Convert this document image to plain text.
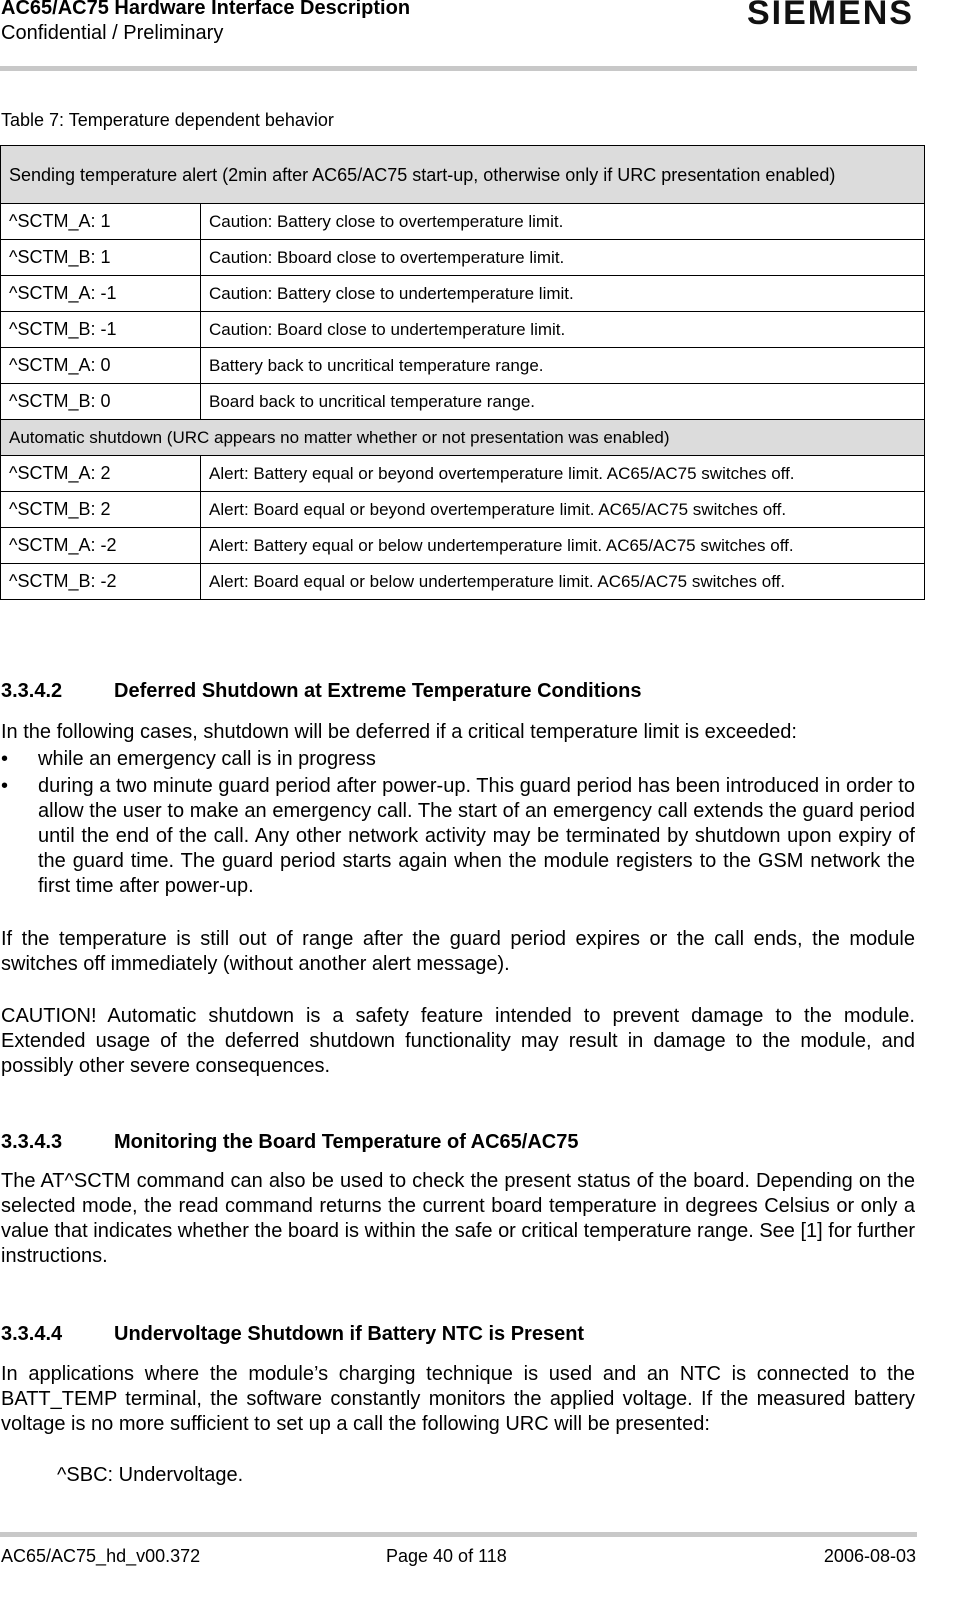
AC65/AC75 Hardware Interface Description
Confidential / Preliminary
SIEMENS
Table 7: Temperature dependent behavior
Sending temperature alert (2min after AC65/AC75 start-up, otherwise only if URC presentation enabled)	
^SCTM_A: 1	Caution: Battery close to overtemperature limit.
^SCTM_B: 1	Caution: Bboard close to overtemperature limit.
^SCTM_A: -1	Caution: Battery close to undertemperature limit.
^SCTM_B: -1	Caution: Board close to undertemperature limit.
^SCTM_A: 0	Battery back to uncritical temperature range.
^SCTM_B: 0	Board back to uncritical temperature range.
Automatic shutdown (URC appears no matter whether or not presentation was enabled)	
^SCTM_A: 2	Alert: Battery equal or beyond overtemperature limit. AC65/AC75 switches off.
^SCTM_B: 2	Alert: Board equal or beyond overtemperature limit. AC65/AC75 switches off.
^SCTM_A: -2	Alert: Battery equal or below undertemperature limit. AC65/AC75 switches off.
^SCTM_B: -2	Alert: Board equal or below undertemperature limit. AC65/AC75 switches off.
3.3.4.2	Deferred Shutdown at Extreme Temperature Conditions
In the following cases, shutdown will be deferred if a critical temperature limit is exceeded:
•	while an emergency call is in progress
•	during a two minute guard period after power-up. This guard period has been introduced in order to allow the user to make an emergency call. The start of an emergency call extends the guard period until the end of the call. Any other network activity may be terminated by shutdown upon expiry of the guard time. The guard period starts again when the module registers to the GSM network the first time after power-up.
If the temperature is still out of range after the guard period expires or the call ends, the module switches off immediately (without another alert message).
CAUTION! Automatic shutdown is a safety feature intended to prevent damage to the module. Extended usage of the deferred shutdown functionality may result in damage to the module, and possibly other severe consequences.
3.3.4.3	Monitoring the Board Temperature of AC65/AC75
The AT^SCTM command can also be used to check the present status of the board. Depending on the selected mode, the read command returns the current board temperature in degrees Celsius or only a value that indicates whether the board is within the safe or critical temperature range. See [1] for further instructions.
3.3.4.4	Undervoltage Shutdown if Battery NTC is Present
In applications where the module’s charging technique is used and an NTC is connected to the BATT_TEMP terminal, the software constantly monitors the applied voltage. If the measured battery voltage is no more sufficient to set up a call the following URC will be presented:
^SBC: Undervoltage.
AC65/AC75_hd_v00.372	Page 40 of 118	2006-08-03
